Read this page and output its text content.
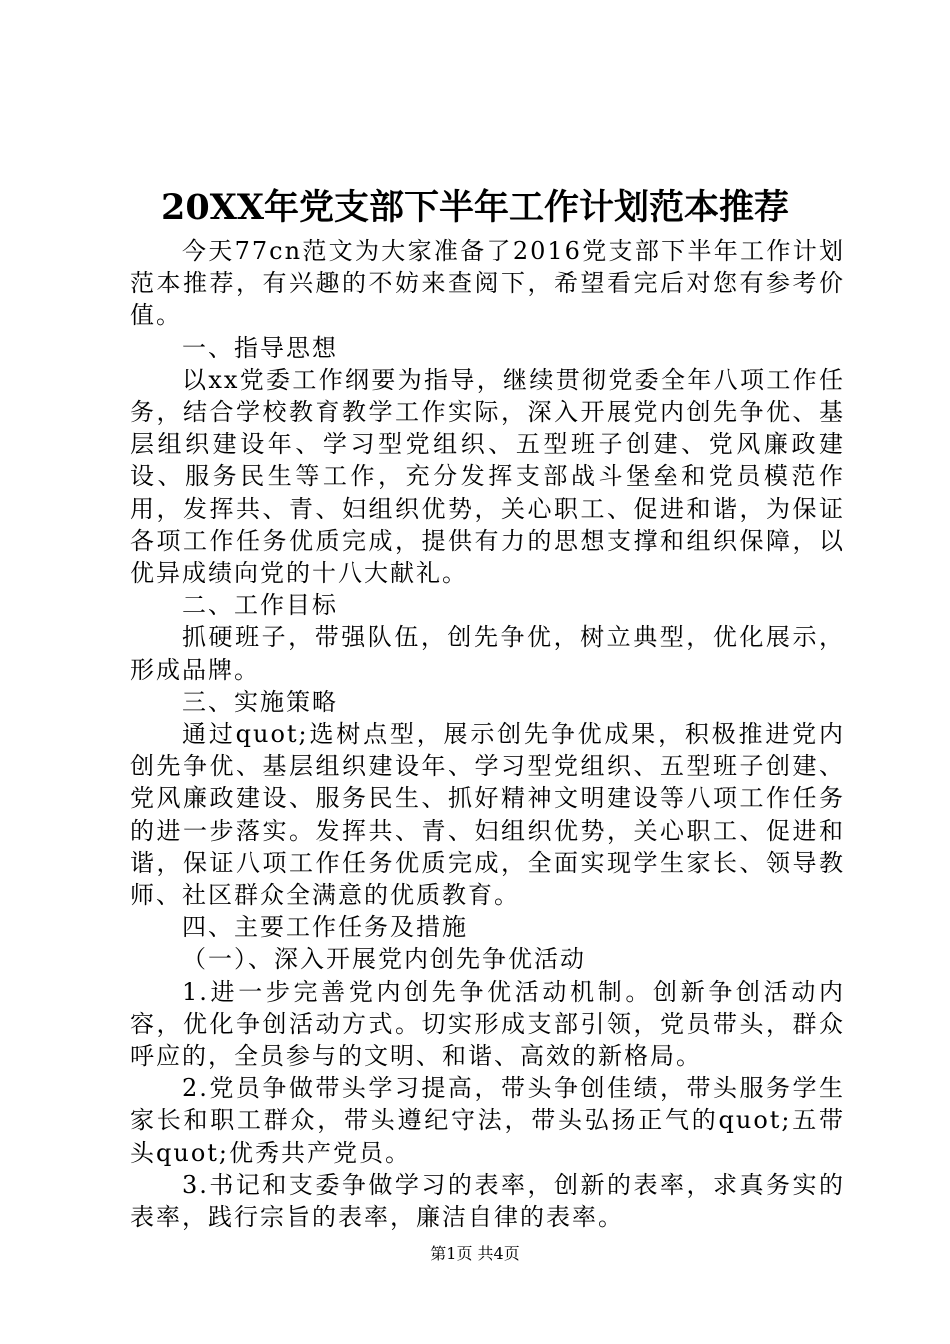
20XX年党支部下半年工作计划范本推荐

今天77cn范文为大家准备了2016党支部下半年工作计划范本推荐，有兴趣的不妨来查阅下，希望看完后对您有参考价值。

一、指导思想

以xx党委工作纲要为指导，继续贯彻党委全年八项工作任务，结合学校教育教学工作实际，深入开展党内创先争优、基层组织建设年、学习型党组织、五型班子创建、党风廉政建设、服务民生等工作，充分发挥支部战斗堡垒和党员模范作用，发挥共、青、妇组织优势，关心职工、促进和谐，为保证各项工作任务优质完成，提供有力的思想支撑和组织保障，以优异成绩向党的十八大献礼。

二、工作目标

抓硬班子，带强队伍，创先争优，树立典型，优化展示，形成品牌。

三、实施策略

通过quot;选树点型，展示创先争优成果，积极推进党内创先争优、基层组织建设年、学习型党组织、五型班子创建、党风廉政建设、服务民生、抓好精神文明建设等八项工作任务的进一步落实。发挥共、青、妇组织优势，关心职工、促进和谐，保证八项工作任务优质完成，全面实现学生家长、领导教师、社区群众全满意的优质教育。

四、主要工作任务及措施

（一）、深入开展党内创先争优活动

1.进一步完善党内创先争优活动机制。创新争创活动内容，优化争创活动方式。切实形成支部引领，党员带头，群众呼应的，全员参与的文明、和谐、高效的新格局。

2.党员争做带头学习提高，带头争创佳绩，带头服务学生家长和职工群众，带头遵纪守法，带头弘扬正气的quot;五带头quot;优秀共产党员。

3.书记和支委争做学习的表率，创新的表率，求真务实的表率，践行宗旨的表率，廉洁自律的表率。

第1页 共4页
